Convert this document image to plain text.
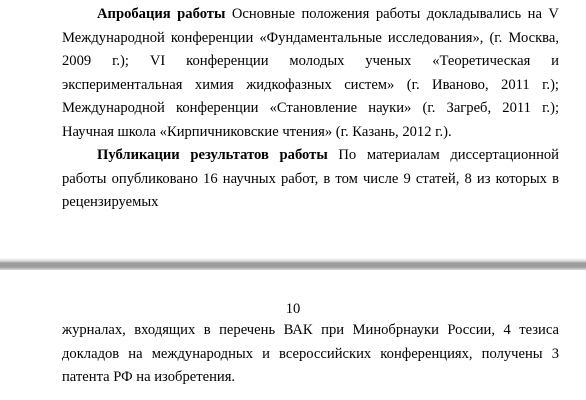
Апробация работы Основные положения работы докладывались на V Международной конференции «Фундаментальные исследования», (г. Москва, 2009 г.); VI конференции молодых ученых «Теоретическая и экспериментальная химия жидкофазных систем» (г. Иваново, 2011 г.); Международной конференции «Становление науки» (г. Загреб, 2011 г.); Научная школа «Кирпичниковские чтения» (г. Казань, 2012 г.).

Публикации результатов работы По материалам диссертационной работы опубликовано 16 научных работ, в том числе 9 статей, 8 из которых в рецензируемых

10

журналах, входящих в перечень ВАК при Минобрнауки России, 4 тезиса докладов на международных и всероссийских конференциях, получены 3 патента РФ на изобретения.
